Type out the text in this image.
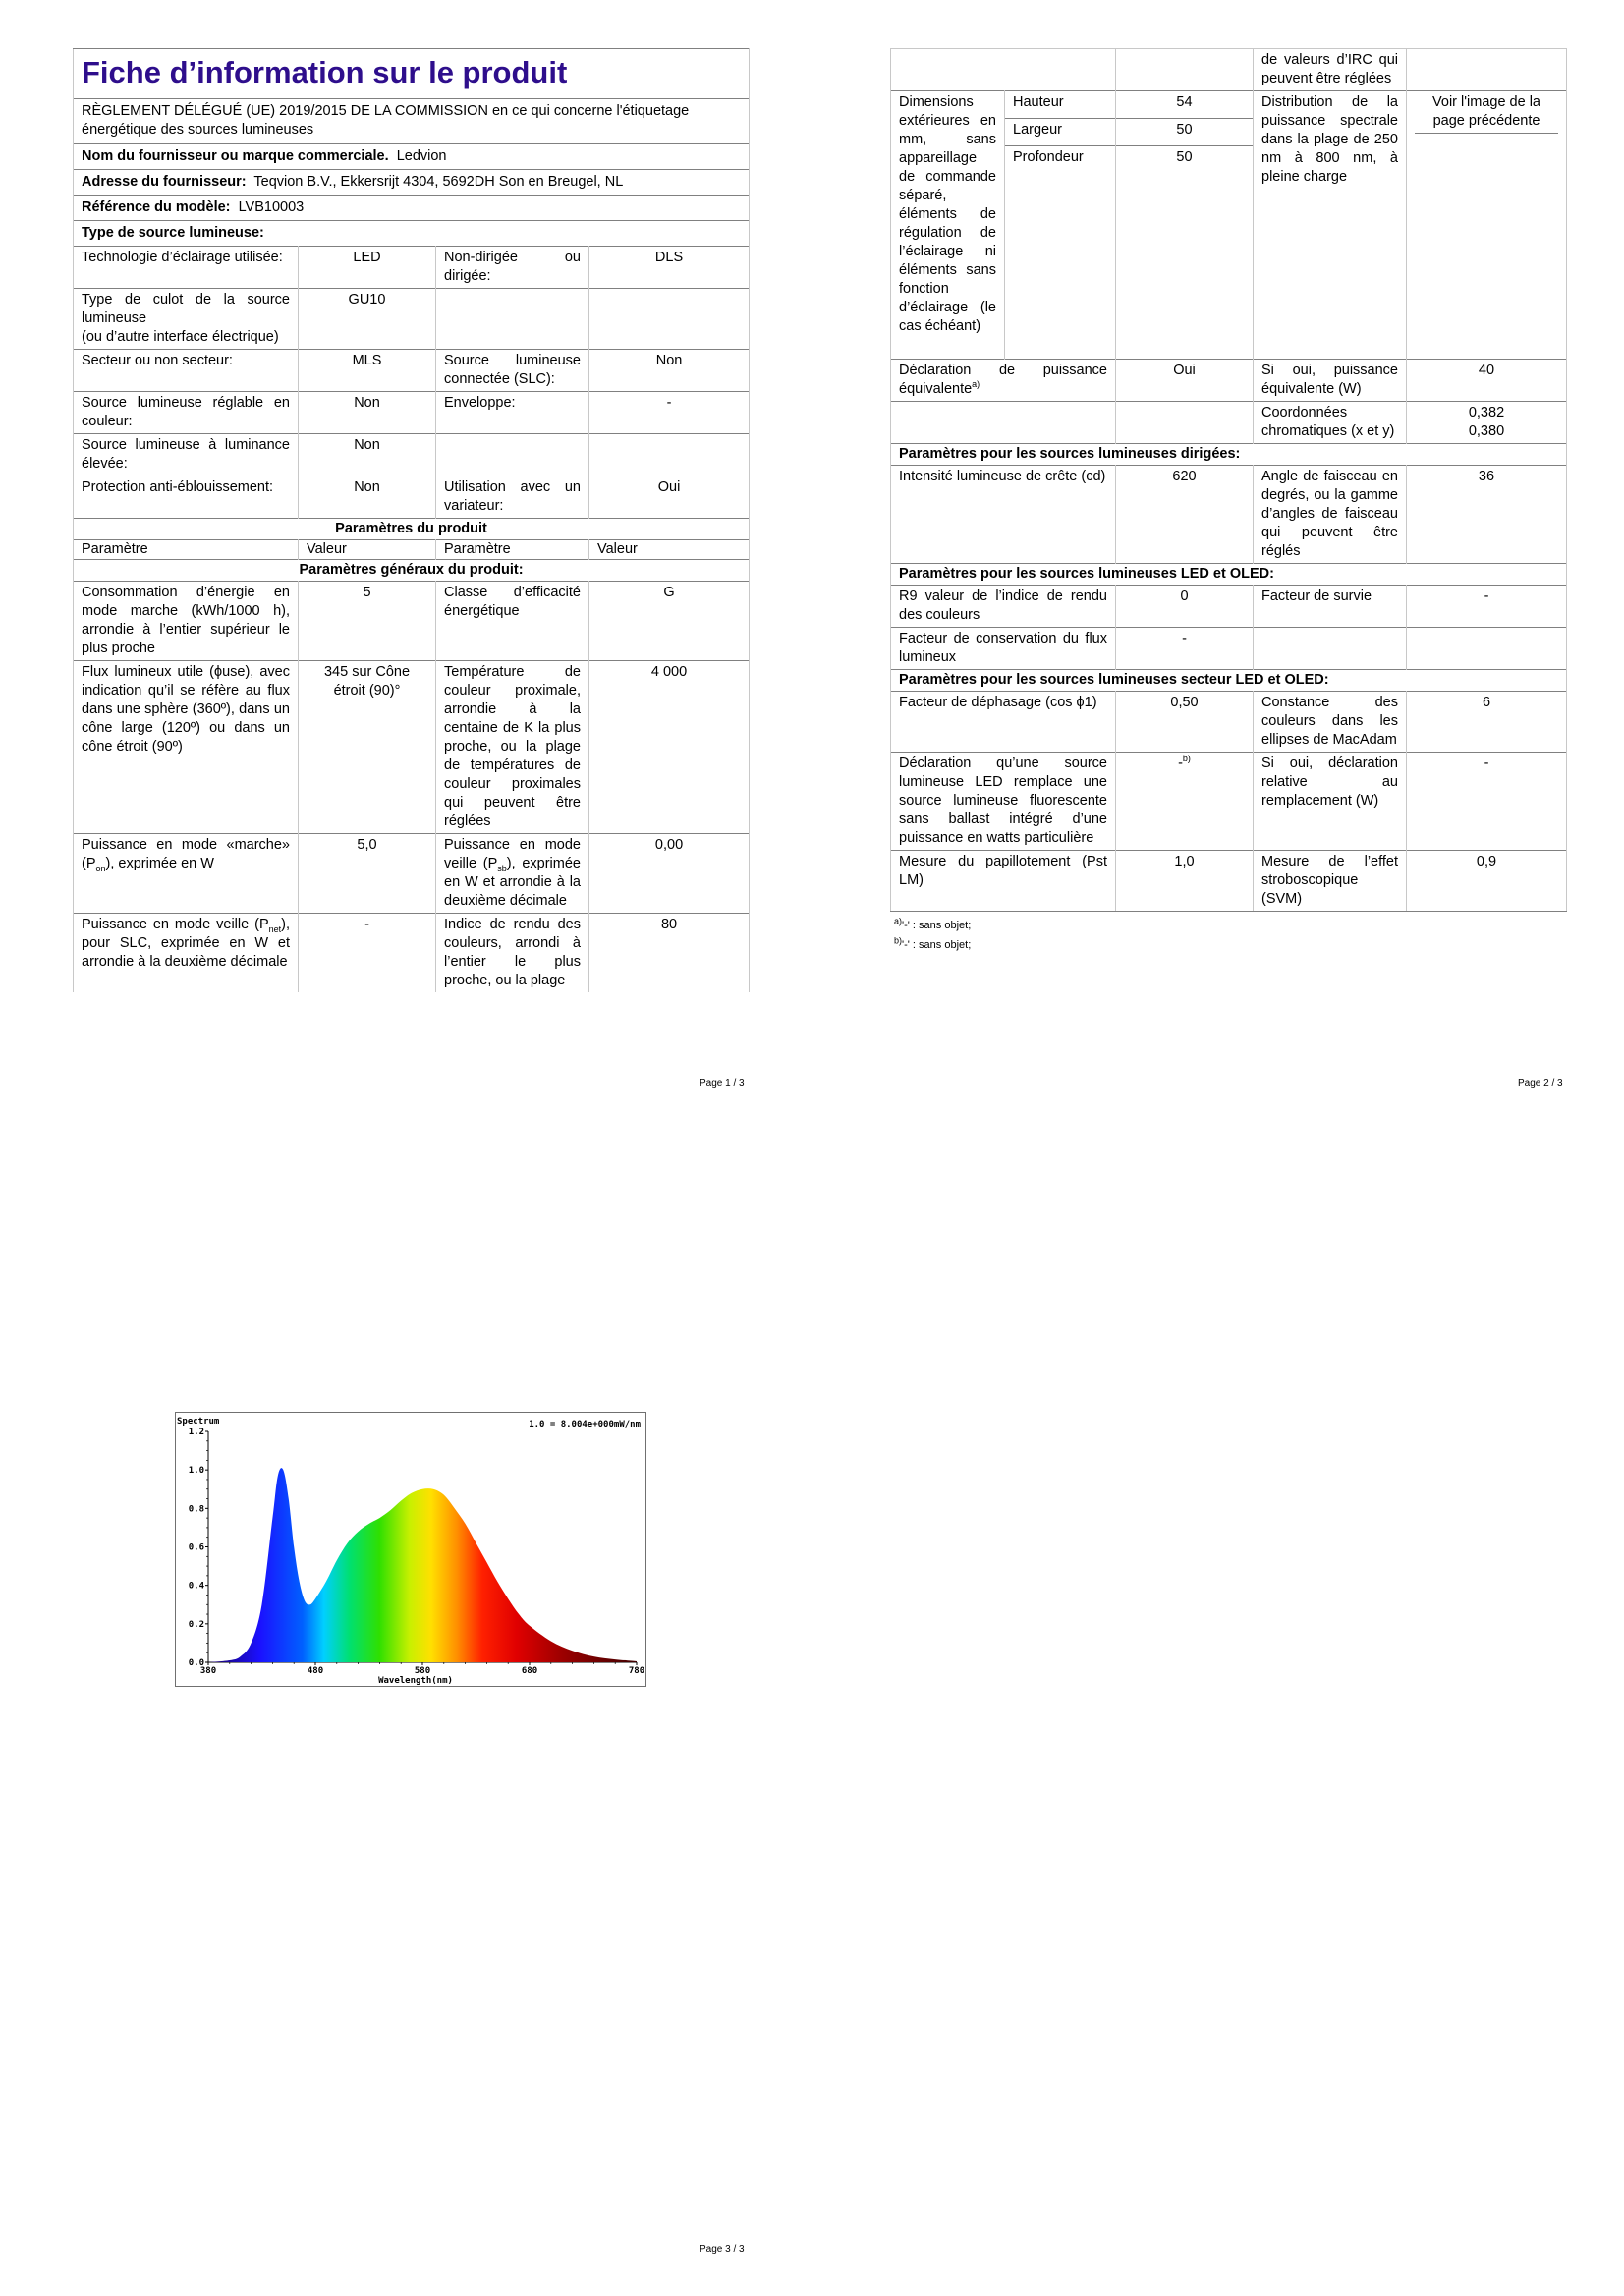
Fiche d’information sur le produit			
RÈGLEMENT DÉLÉGUÉ (UE) 2019/2015 DE LA COMMISSION en ce qui concerne l'étiquetage énergétique des sources lumineuses			
Nom du fournisseur ou marque commerciale. Ledvion			
Adresse du fournisseur: Teqvion B.V., Ekkersrijt 4304, 5692DH Son en Breugel, NL			
Référence du modèle: LVB10003			
Type de source lumineuse:			
Technologie d’éclairage utilisée:	LED	Non-dirigée ou dirigée:	DLS

Type de culot de la source lumineuse
(ou d’autre interface électrique)	GU10		
Secteur ou non secteur:	MLS	Source lumineuse connectée (SLC):	Non
Source lumineuse réglable en couleur:	Non	Enveloppe:	-
Source lumineuse à luminance élevée:	Non		
Protection anti-éblouissement:	Non	Utilisation avec un variateur:	Oui
Paramètres du produit			
Paramètre	Valeur	Paramètre	Valeur
Paramètres généraux du produit:			
Consommation d’énergie en mode marche (kWh/1000 h), arrondie à l’entier supérieur le plus proche	5	Classe d’efficacité énergétique	G
Flux lumineux utile (ϕuse), avec indication qu’il se réfère au flux dans une sphère (360º), dans un cône large (120º) ou dans un cône étroit (90º)	345 sur Cône étroit (90)°	Température de couleur proximale, arrondie à la centaine de K la plus proche, ou la plage de températures de couleur proximales qui peuvent être réglées	4 000
Puissance en mode «marche» $(P_{on})$, exprimée en W	5,0	Puissance en mode veille $(P_{sb})$, exprimée en W et arrondie à la deuxième décimale	0,00
Puissance en mode veille $(P_{net})$, pour SLC, exprimée en W et arrondie à la deuxième décimale	-	Indice de rendu des couleurs, arrondi à l’entier le plus proche, ou la plage	80
Page 1 / 3
			de valeurs d’IRC qui peuvent être réglées	
Dimensions extérieures en mm, sans appareillage de commande séparé, éléments de régulation de l’éclairage ni éléments sans fonction d’éclairage (le cas échéant)	Hauteur	54	Distribution de la puissance spectrale dans la plage de 250 nm à 800 nm, à pleine charge	Voir l'image de la page précédente

	Largeur	50		
	Profondeur	50		
Déclaration de puissance équivalente$^{a)}$		Oui	Si oui, puissance équivalente (W)	40
			Coordonnées chromatiques (x et y)	0,382
0,380

Paramètres pour les sources lumineuses dirigées:				
Intensité lumineuse de crête (cd)		620	Angle de faisceau en degrés, ou la gamme d’angles de faisceau qui peuvent être réglés	36
Paramètres pour les sources lumineuses LED et OLED:				
R9 valeur de l’indice de rendu des couleurs		0	Facteur de survie	-
Facteur de conservation du flux lumineux		-		
Paramètres pour les sources lumineuses secteur LED et OLED:				
Facteur de déphasage (cos ϕ1)		0,50	Constance des couleurs dans les ellipses de MacAdam	6
Déclaration qu’une source lumineuse LED remplace une source lumineuse fluorescente sans ballast intégré d’une puissance en watts particulière		-$^{b)}$	Si oui, déclaration relative au remplacement (W)	-
Mesure du papillotement (Pst LM)		1,0	Mesure de l’effet stroboscopique (SVM)	0,9
$^{a)}$'-' : sans objet;
$^{b)}$'-' : sans objet;
Page 2 / 3
Spectrum	1.0 = 8.004e+000mW/nm
Wavelength(nm)
0.0
0.2
0.4
0.6
0.8
1.0
1.2
380	480	580	680	780
Page 3 / 3
